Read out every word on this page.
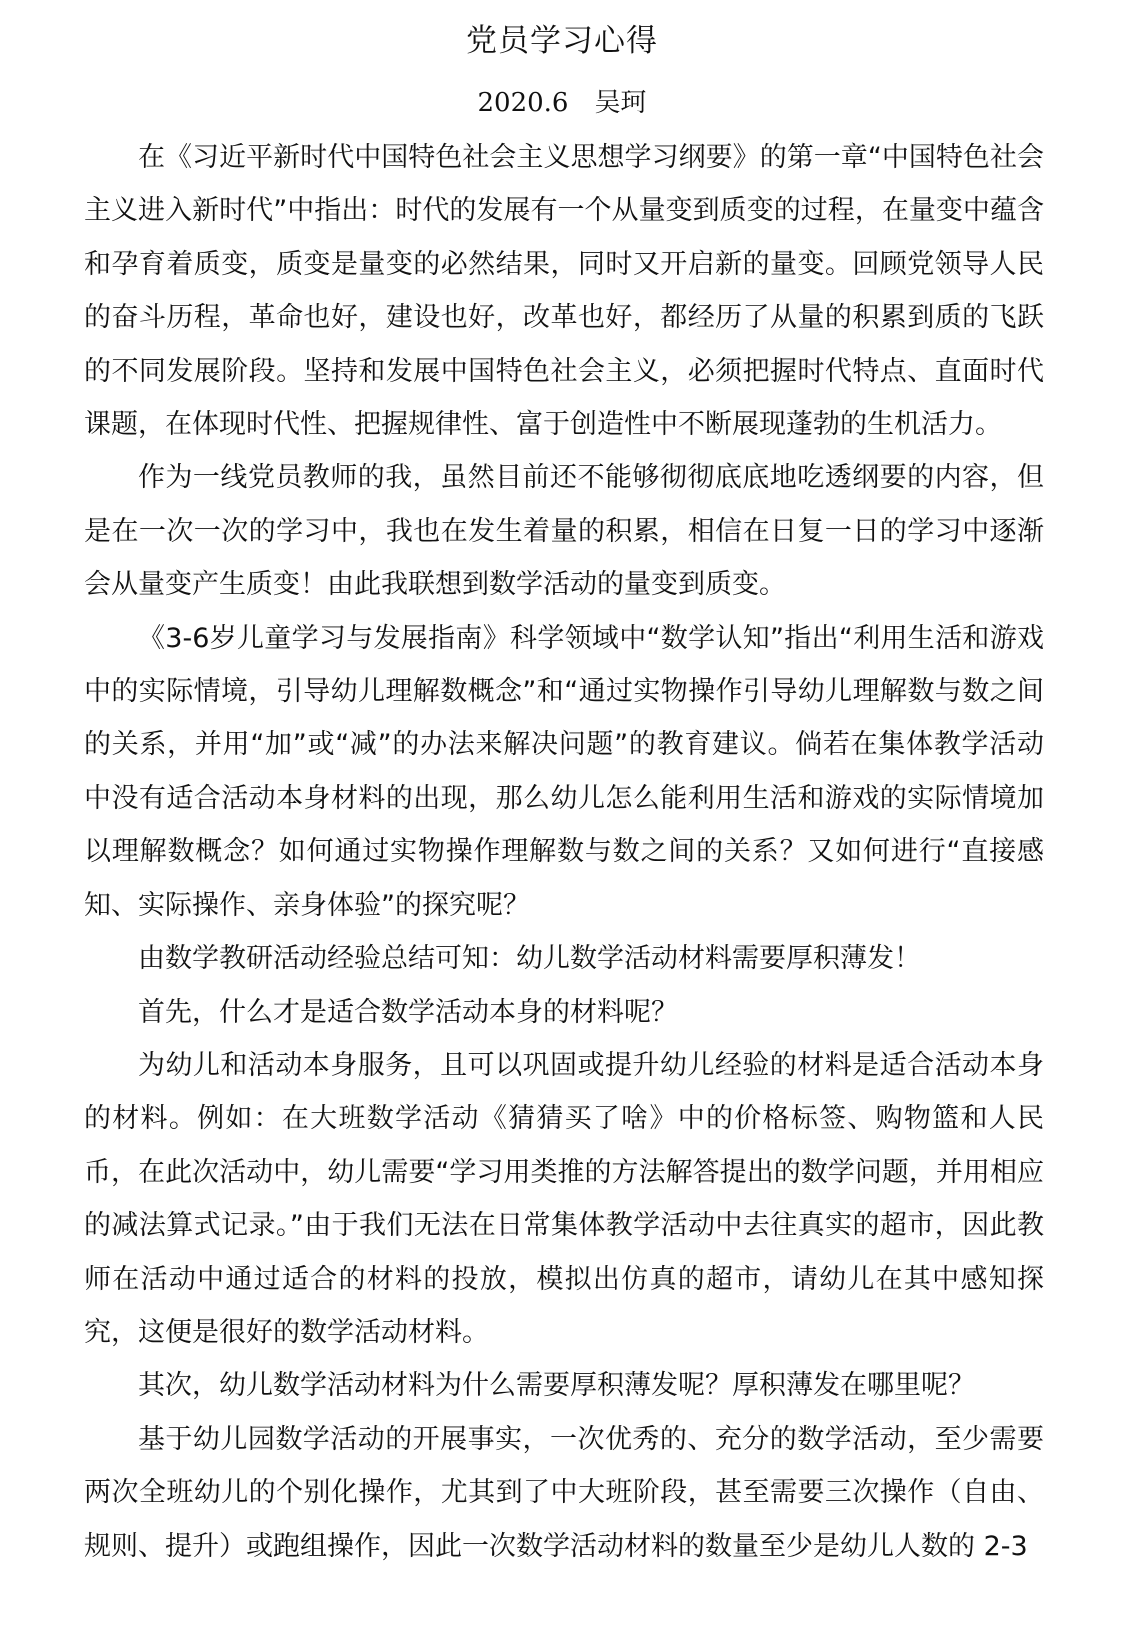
党员学习心得
2020.6 吴珂

在《习近平新时代中国特色社会主义思想学习纲要》的第一章“中国特色社会主义进入新时代”中指出：时代的发展有一个从量变到质变的过程，在量变中蕴含和孕育着质变，质变是量变的必然结果，同时又开启新的量变。回顾党领导人民的奋斗历程，革命也好，建设也好，改革也好，都经历了从量的积累到质的飞跃的不同发展阶段。坚持和发展中国特色社会主义，必须把握时代特点、直面时代课题，在体现时代性、把握规律性、富于创造性中不断展现蓬勃的生机活力。

作为一线党员教师的我，虽然目前还不能够彻彻底底地吃透纲要的内容，但是在一次一次的学习中，我也在发生着量的积累，相信在日复一日的学习中逐渐会从量变产生质变！由此我联想到数学活动的量变到质变。

《3-6岁儿童学习与发展指南》科学领域中“数学认知”指出“利用生活和游戏中的实际情境，引导幼儿理解数概念”和“通过实物操作引导幼儿理解数与数之间的关系，并用“加”或“减”的办法来解决问题”的教育建议。倘若在集体教学活动中没有适合活动本身材料的出现，那么幼儿怎么能利用生活和游戏的实际情境加以理解数概念？如何通过实物操作理解数与数之间的关系？又如何进行“直接感知、实际操作、亲身体验”的探究呢？

由数学教研活动经验总结可知：幼儿数学活动材料需要厚积薄发！

首先，什么才是适合数学活动本身的材料呢？

为幼儿和活动本身服务，且可以巩固或提升幼儿经验的材料是适合活动本身的材料。例如：在大班数学活动《猜猜买了啥》中的价格标签、购物篮和人民币，在此次活动中，幼儿需要“学习用类推的方法解答提出的数学问题，并用相应的减法算式记录。”由于我们无法在日常集体教学活动中去往真实的超市，因此教师在活动中通过适合的材料的投放，模拟出仿真的超市，请幼儿在其中感知探究，这便是很好的数学活动材料。

其次，幼儿数学活动材料为什么需要厚积薄发呢？厚积薄发在哪里呢？

基于幼儿园数学活动的开展事实，一次优秀的、充分的数学活动，至少需要两次全班幼儿的个别化操作，尤其到了中大班阶段，甚至需要三次操作（自由、规则、提升）或跑组操作，因此一次数学活动材料的数量至少是幼儿人数的 2-3
